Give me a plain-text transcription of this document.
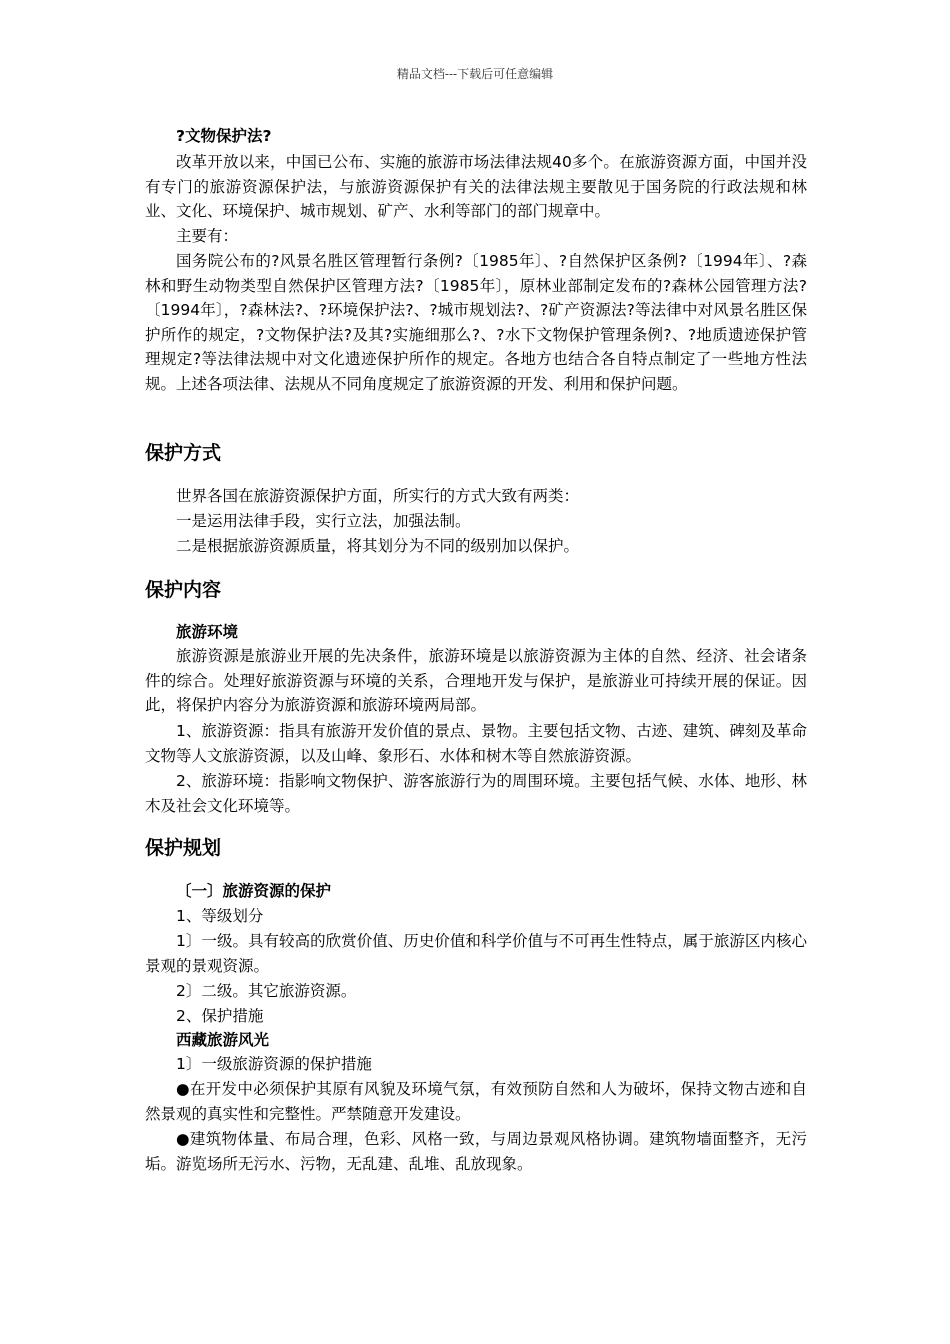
精品文档---下载后可任意编辑

?文物保护法?

改革开放以来，中国已公布、实施的旅游市场法律法规40多个。在旅游资源方面，中国并没有专门的旅游资源保护法，与旅游资源保护有关的法律法规主要散见于国务院的行政法规和林业、文化、环境保护、城市规划、矿产、水利等部门的部门规章中。

主要有：

国务院公布的?风景名胜区管理暂行条例?〔1985年〕、?自然保护区条例?〔1994年〕、?森林和野生动物类型自然保护区管理方法?〔1985年〕，原林业部制定发布的?森林公园管理方法?〔1994年〕，?森林法?、?环境保护法?、?城市规划法?、?矿产资源法?等法律中对风景名胜区保护所作的规定，?文物保护法?及其?实施细那么?、?水下文物保护管理条例?、?地质遗迹保护管理规定?等法律法规中对文化遗迹保护所作的规定。各地方也结合各自特点制定了一些地方性法规。上述各项法律、法规从不同角度规定了旅游资源的开发、利用和保护问题。

保护方式

世界各国在旅游资源保护方面，所实行的方式大致有两类：

一是运用法律手段，实行立法，加强法制。

二是根据旅游资源质量，将其划分为不同的级别加以保护。

保护内容

旅游环境

旅游资源是旅游业开展的先决条件，旅游环境是以旅游资源为主体的自然、经济、社会诸条件的综合。处理好旅游资源与环境的关系，合理地开发与保护，是旅游业可持续开展的保证。因此，将保护内容分为旅游资源和旅游环境两局部。

1、旅游资源：指具有旅游开发价值的景点、景物。主要包括文物、古迹、建筑、碑刻及革命文物等人文旅游资源，以及山峰、象形石、水体和树木等自然旅游资源。

2、旅游环境：指影响文物保护、游客旅游行为的周围环境。主要包括气候、水体、地形、林木及社会文化环境等。

保护规划

〔一〕旅游资源的保护

1、等级划分

1〕一级。具有较高的欣赏价值、历史价值和科学价值与不可再生性特点，属于旅游区内核心景观的景观资源。

2〕二级。其它旅游资源。

2、保护措施

西藏旅游风光

1〕一级旅游资源的保护措施

●在开发中必须保护其原有风貌及环境气氛，有效预防自然和人为破坏，保持文物古迹和自然景观的真实性和完整性。严禁随意开发建设。

●建筑物体量、布局合理，色彩、风格一致，与周边景观风格协调。建筑物墙面整齐，无污垢。游览场所无污水、污物，无乱建、乱堆、乱放现象。
